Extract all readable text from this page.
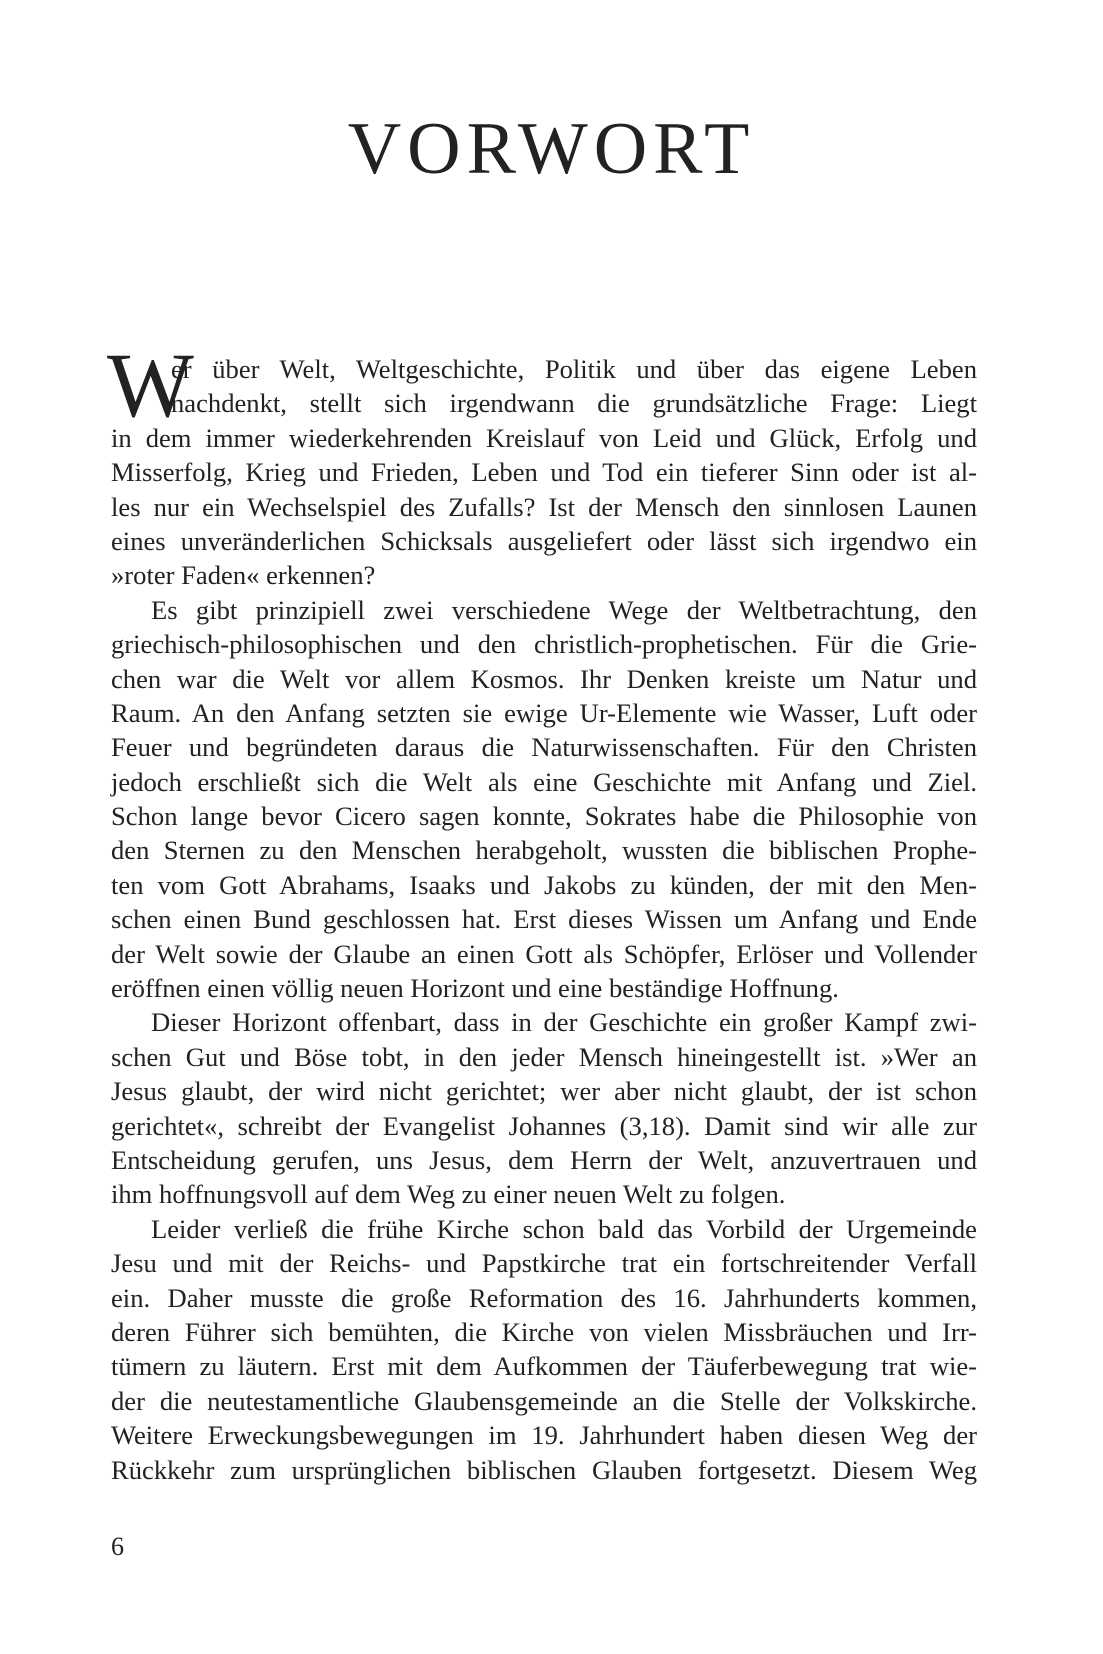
VORWORT
W
er über Welt, Weltgeschichte, Politik und über das eigene Leben
nachdenkt, stellt sich irgendwann die grundsätzliche Frage: Liegt
in dem immer wiederkehrenden Kreislauf von Leid und Glück, Erfolg und
Misserfolg, Krieg und Frieden, Leben und Tod ein tieferer Sinn oder ist al-
les nur ein Wechselspiel des Zufalls? Ist der Mensch den sinnlosen Launen
eines unveränderlichen Schicksals ausgeliefert oder lässt sich irgendwo ein
»roter Faden« erkennen?
Es gibt prinzipiell zwei verschiedene Wege der Weltbetrachtung, den
griechisch-philosophischen und den christlich-prophetischen. Für die Grie-
chen war die Welt vor allem Kosmos. Ihr Denken kreiste um Natur und
Raum. An den Anfang setzten sie ewige Ur-Elemente wie Wasser, Luft oder
Feuer und begründeten daraus die Naturwissenschaften. Für den Christen
jedoch erschließt sich die Welt als eine Geschichte mit Anfang und Ziel.
Schon lange bevor Cicero sagen konnte, Sokrates habe die Philosophie von
den Sternen zu den Menschen herabgeholt, wussten die biblischen Prophe-
ten vom Gott Abrahams, Isaaks und Jakobs zu künden, der mit den Men-
schen einen Bund geschlossen hat. Erst dieses Wissen um Anfang und Ende
der Welt sowie der Glaube an einen Gott als Schöpfer, Erlöser und Vollender
eröffnen einen völlig neuen Horizont und eine beständige Hoffnung.
Dieser Horizont offenbart, dass in der Geschichte ein großer Kampf zwi-
schen Gut und Böse tobt, in den jeder Mensch hineingestellt ist. »Wer an
Jesus glaubt, der wird nicht gerichtet; wer aber nicht glaubt, der ist schon
gerichtet«, schreibt der Evangelist Johannes (3,18). Damit sind wir alle zur
Entscheidung gerufen, uns Jesus, dem Herrn der Welt, anzuvertrauen und
ihm hoffnungsvoll auf dem Weg zu einer neuen Welt zu folgen.
Leider verließ die frühe Kirche schon bald das Vorbild der Urgemeinde
Jesu und mit der Reichs- und Papstkirche trat ein fortschreitender Verfall
ein. Daher musste die große Reformation des 16. Jahrhunderts kommen,
deren Führer sich bemühten, die Kirche von vielen Missbräuchen und Irr-
tümern zu läutern. Erst mit dem Aufkommen der Täuferbewegung trat wie-
der die neutestamentliche Glaubensgemeinde an die Stelle der Volkskirche.
Weitere Erweckungsbewegungen im 19. Jahrhundert haben diesen Weg der
Rückkehr zum ursprünglichen biblischen Glauben fortgesetzt. Diesem Weg
6
